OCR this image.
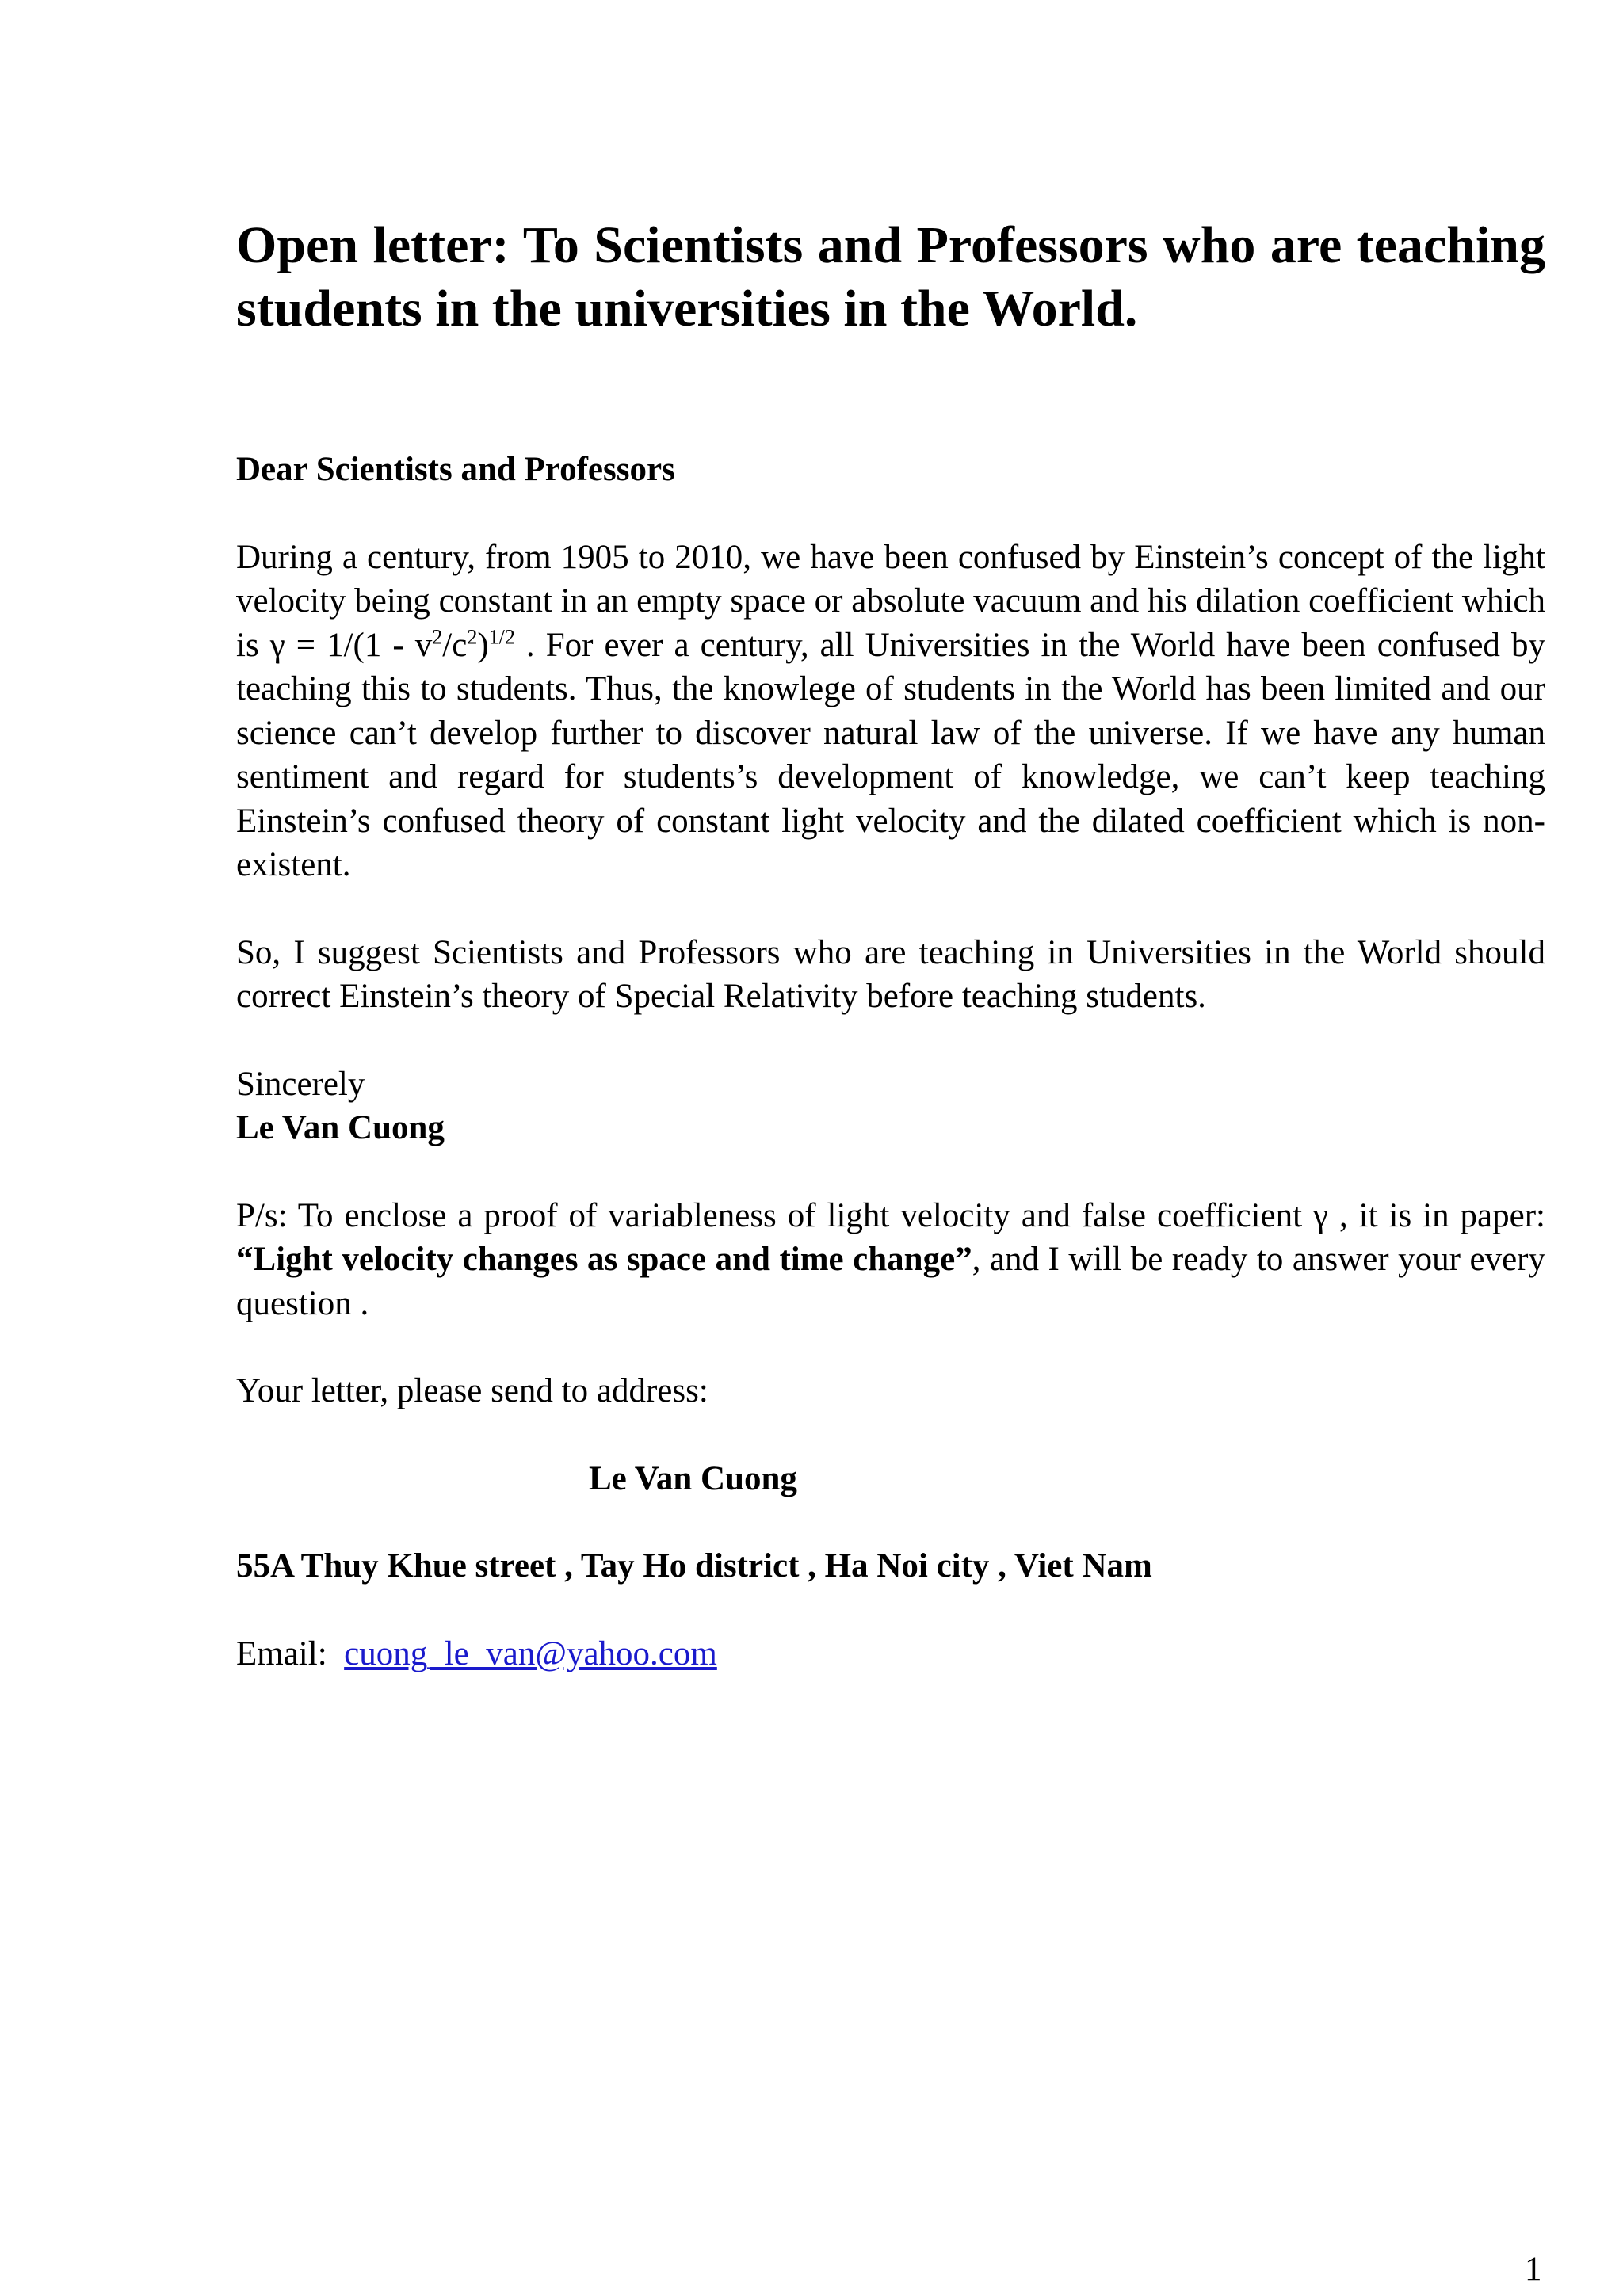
Open letter: To Scientists and Professors who are teaching students in the universities in the World.

Dear Scientists and Professors

During a century, from 1905 to 2010, we have been confused by Einstein’s concept of the light velocity being constant in an empty space or absolute vacuum and his dilation coefficient which is $\gamma = 1/(1 - v^2/c^2)^{1/2}$ . For ever a century, all Universities in the World have been confused by teaching this to students. Thus, the knowlege of students in the World has been limited and our science can’t develop further to discover natural law of the universe. If we have any human sentiment and regard for students’s development of knowledge, we can’t keep teaching Einstein’s confused theory of constant light velocity and the dilated coefficient which is non-existent.

So, I suggest Scientists and Professors who are teaching in Universities in the World should correct Einstein’s theory of Special Relativity before teaching students.

Sincerely

Le Van Cuong

P/s: To enclose a proof of variableness of light velocity and false coefficient γ , it is in paper: “Light velocity changes as space and time change”, and I will be ready to answer your every question .

Your letter, please send to address:

Le Van Cuong

55A Thuy Khue street , Tay Ho district , Ha Noi city , Viet Nam

Email: cuong_le_van@yahoo.com

1
